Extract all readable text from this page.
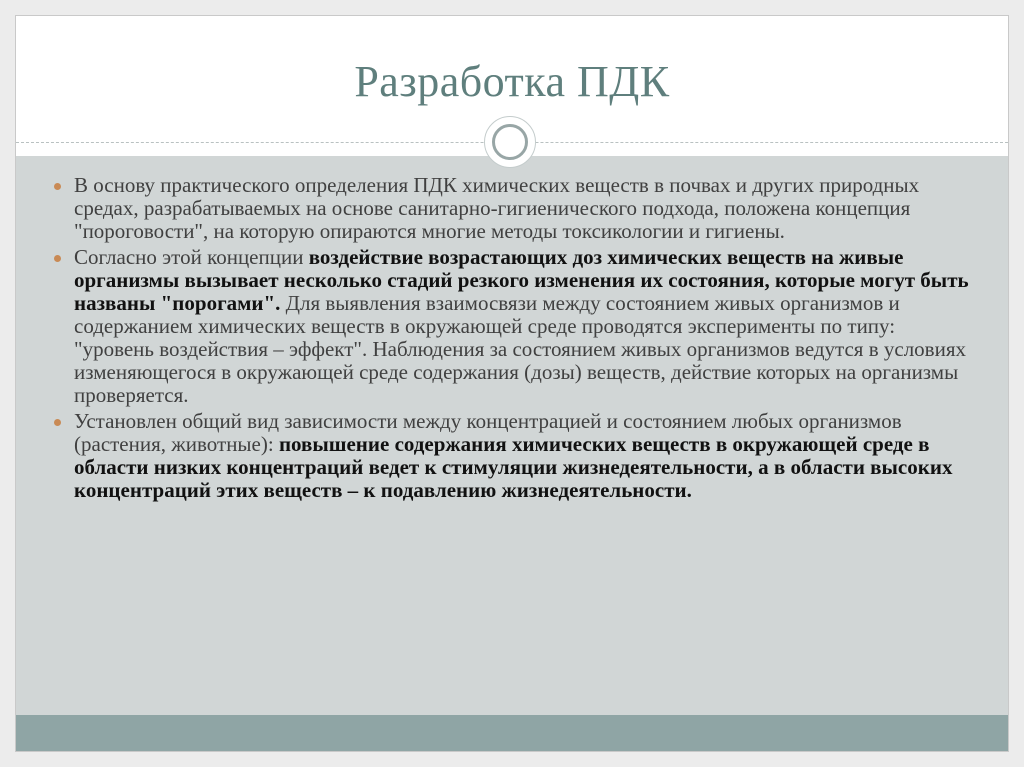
Разработка ПДК
В основу практического определения ПДК химических веществ в почвах и других природных средах, разрабатываемых на основе санитарно-гигиенического подхода, положена концепция "пороговости", на которую опираются многие методы токсикологии и гигиены.
Согласно этой концепции воздействие возрастающих доз химических веществ на живые организмы вызывает несколько стадий резкого изменения их состояния, которые могут быть названы "порогами". Для выявления взаимосвязи между состоянием живых организмов и содержанием химических веществ в окружающей среде проводятся эксперименты по типу: "уровень воздействия – эффект". Наблюдения за состоянием живых организмов ведутся в условиях изменяющегося в окружающей среде содержания (дозы) веществ, действие которых на организмы проверяется.
Установлен общий вид зависимости между концентрацией и состоянием любых организмов (растения, животные): повышение содержания химических веществ в окружающей среде в области низких концентраций ведет к стимуляции жизнедеятельности, а в области высоких концентраций этих веществ – к подавлению жизнедеятельности.
